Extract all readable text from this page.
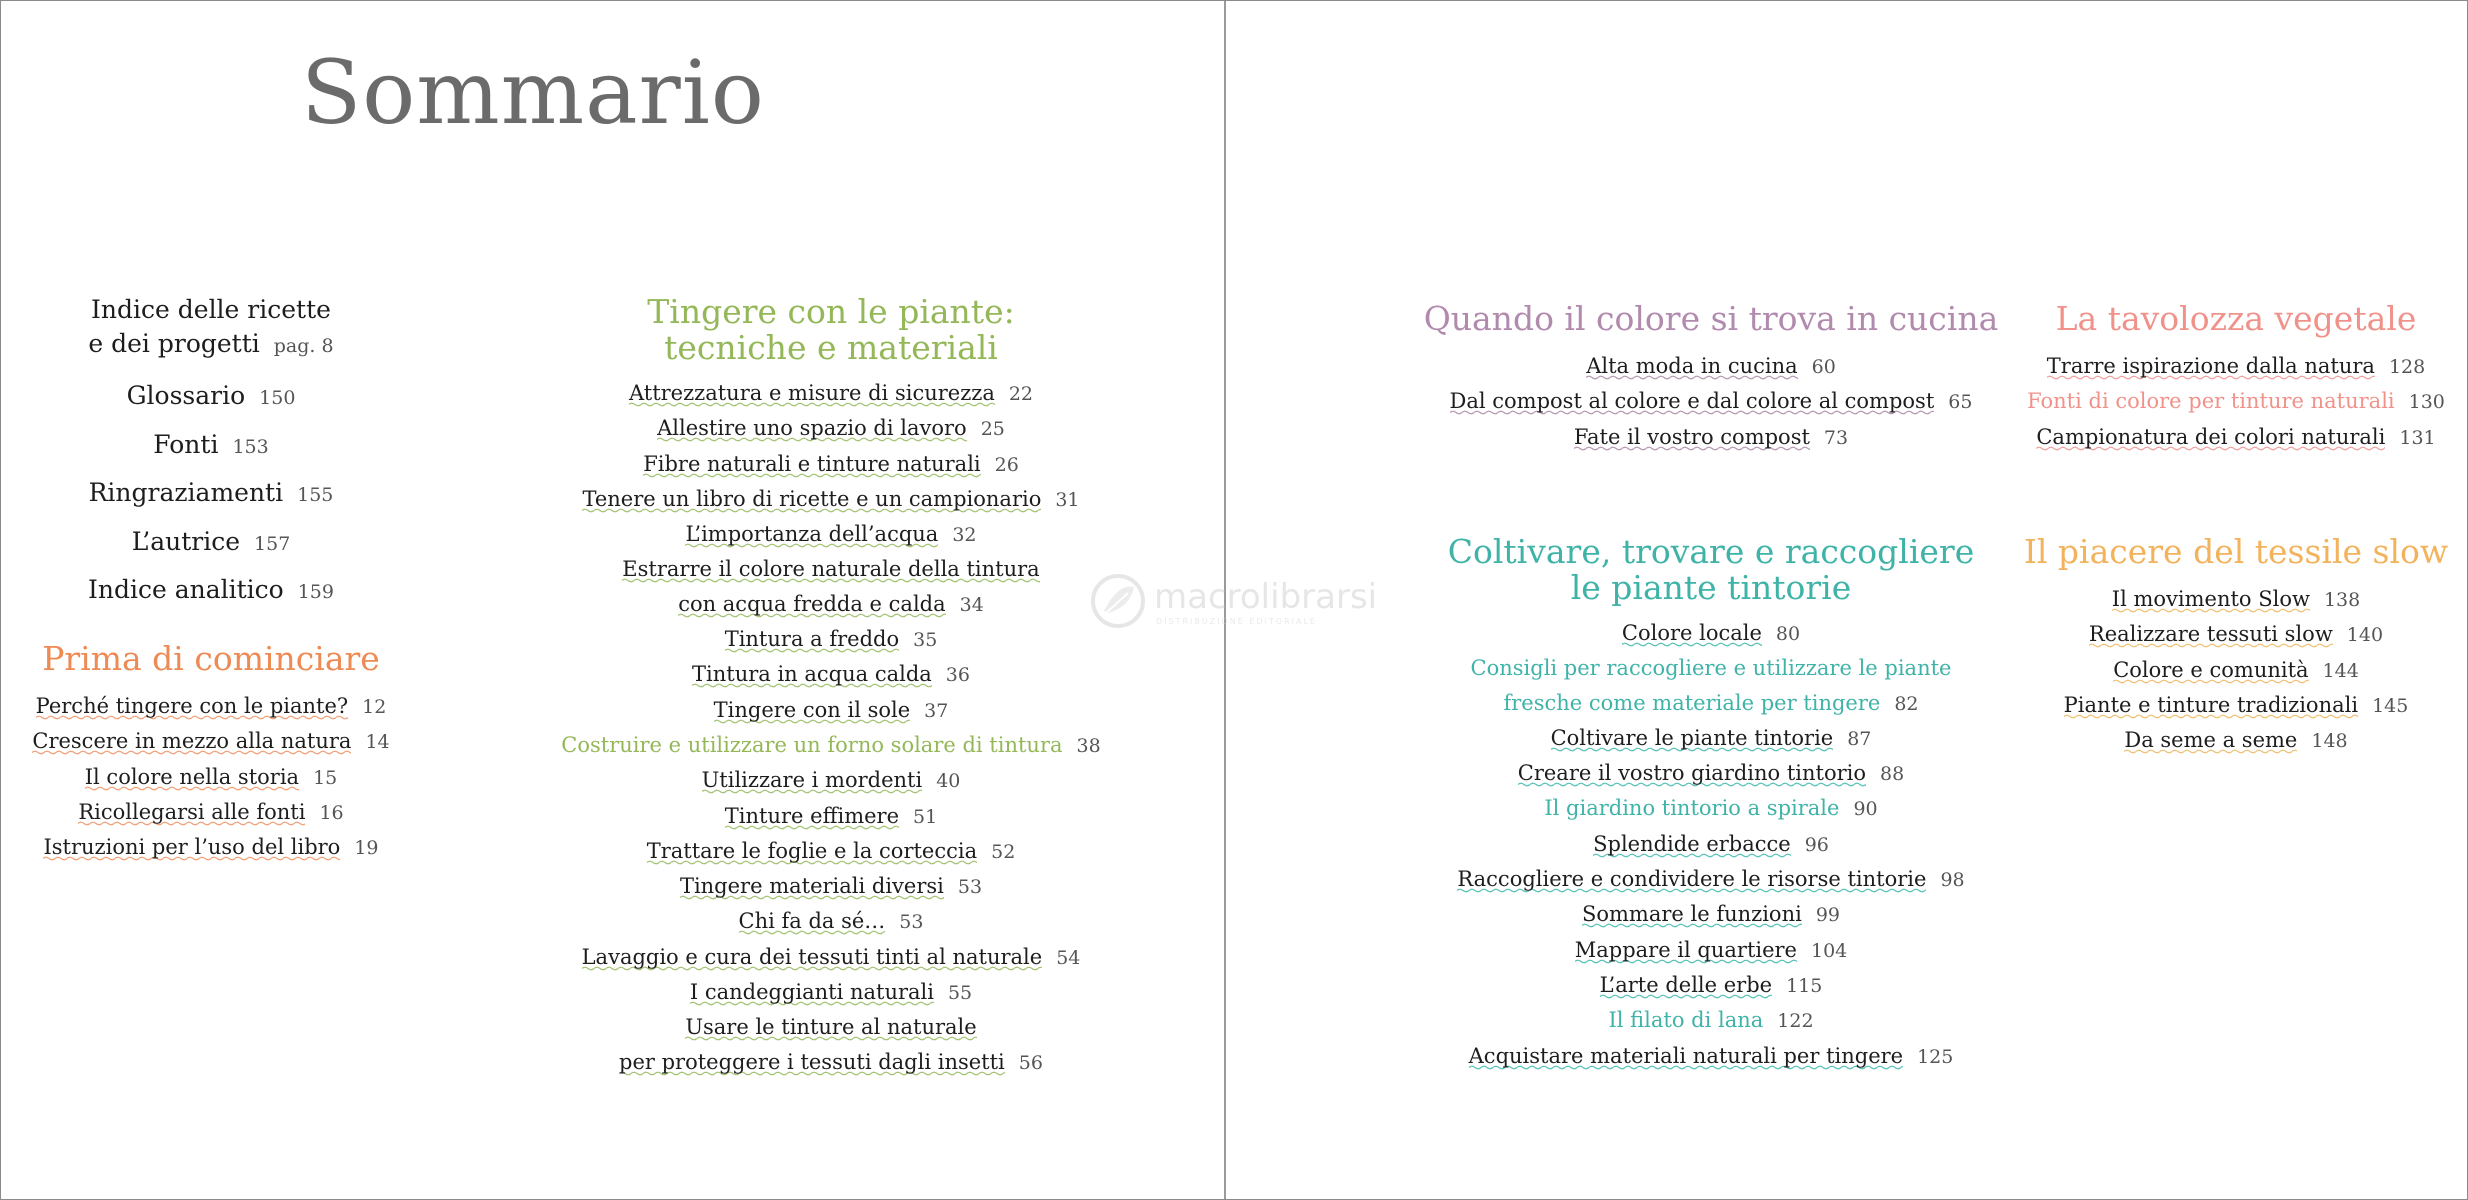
Sommario
Indice delle ricette
e dei progetti pag. 8
Glossario 150
Fonti 153
Ringraziamenti 155
L’autrice 157
Indice analitico 159
Prima di cominciare
Perché tingere con le piante? 12
Crescere in mezzo alla natura 14
Il colore nella storia 15
Ricollegarsi alle fonti 16
Istruzioni per l’uso del libro 19
Tingere con le piante:
tecniche e materiali
Attrezzatura e misure di sicurezza 22
Allestire uno spazio di lavoro 25
Fibre naturali e tinture naturali 26
Tenere un libro di ricette e un campionario 31
L’importanza dell’acqua 32
Estrarre il colore naturale della tintura
con acqua fredda e calda 34
Tintura a freddo 35
Tintura in acqua calda 36
Tingere con il sole 37
Costruire e utilizzare un forno solare di tintura 38
Utilizzare i mordenti 40
Tinture effimere 51
Trattare le foglie e la corteccia 52
Tingere materiali diversi 53
Chi fa da sé… 53
Lavaggio e cura dei tessuti tinti al naturale 54
I candeggianti naturali 55
Usare le tinture al naturale
per proteggere i tessuti dagli insetti 56
Quando il colore si trova in cucina
Alta moda in cucina 60
Dal compost al colore e dal colore al compost 65
Fate il vostro compost 73
La tavolozza vegetale
Trarre ispirazione dalla natura 128
Fonti di colore per tinture naturali 130
Campionatura dei colori naturali 131
Coltivare, trovare e raccogliere
le piante tintorie
Colore locale 80
Consigli per raccogliere e utilizzare le piante
fresche come materiale per tingere 82
Coltivare le piante tintorie 87
Creare il vostro giardino tintorio 88
Il giardino tintorio a spirale 90
Splendide erbacce 96
Raccogliere e condividere le risorse tintorie 98
Sommare le funzioni 99
Mappare il quartiere 104
L’arte delle erbe 115
Il filato di lana 122
Acquistare materiali naturali per tingere 125
Il piacere del tessile slow
Il movimento Slow 138
Realizzare tessuti slow 140
Colore e comunità 144
Piante e tinture tradizionali 145
Da seme a seme 148
macrolibrarsi
DISTRIBUZIONE EDITORIALE
